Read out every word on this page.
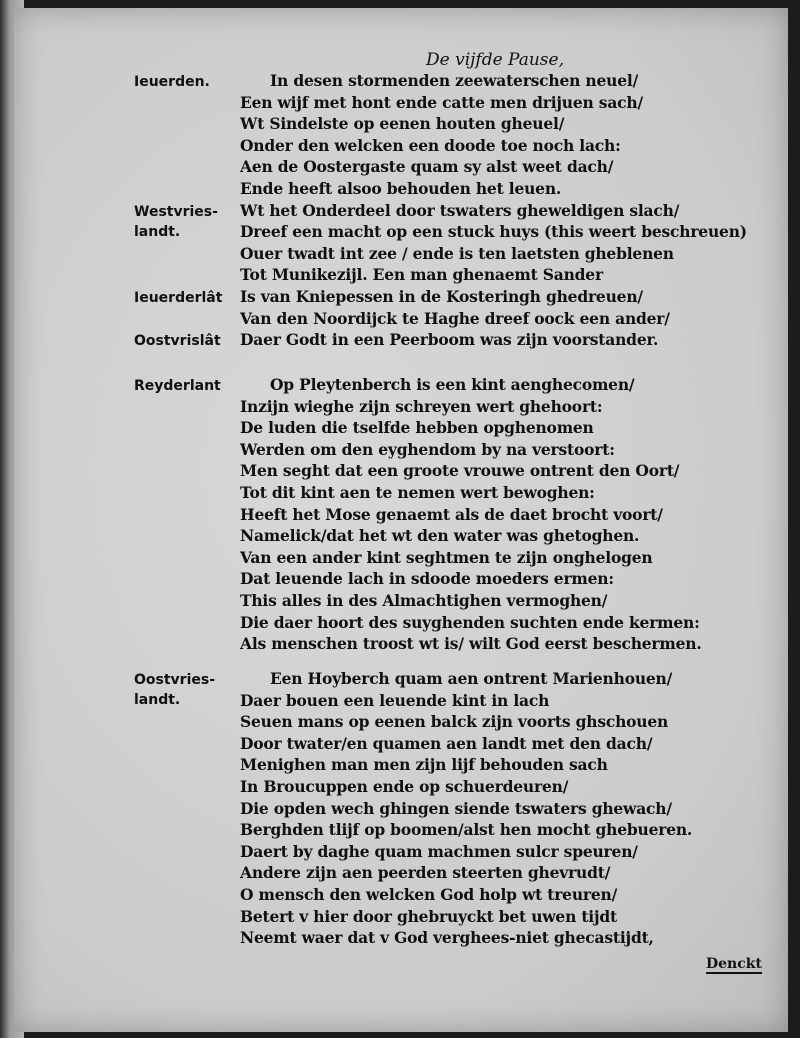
De vijfde Pause,
In desen stormenden zeewaterschen neuel/
Een wijf met hont ende catte men drijuen sach/
Wt Sindelste op eenen houten gheuel/
Onder den welcken een doode toe noch lach:
Aen de Oostergaste quam sy alst weet dach/
Ende heeft alsoo behouden het leuen.
Wt het Onderdeel door tswaters gheweldigen slach/
Dreef een macht op een stuck huys (this weert beschreuen)
Ouer twadt int zee / ende is ten laetsten gheblenen
Tot Munikezijl. Een man ghenaemt Sander
Is van Kniepessen in de Kosteringh ghedreuen/
Van den Noordijck te Haghe dreef oock een ander/
Daer Godt in een Peerboom was zijn voorstander.
Ieuerden.
Westvries-
landt.
Ieuerderlât
Oostvrislât
Op Pleytenberch is een kint aenghecomen/
Inzijn wieghe zijn schreyen wert ghehoort:
De luden die tselfde hebben opghenomen
Werden om den eyghendom by na verstoort:
Men seght dat een groote vrouwe ontrent den Oort/
Tot dit kint aen te nemen wert bewoghen:
Heeft het Mose genaemt als de daet brocht voort/
Namelick/dat het wt den water was ghetoghen.
Van een ander kint seghtmen te zijn onghelogen
Dat leuende lach in sdoode moeders ermen:
This alles in des Almachtighen vermoghen/
Die daer hoort des suyghenden suchten ende kermen:
Als menschen troost wt is/ wilt God eerst beschermen.
Reyderlant
Een Hoyberch quam aen ontrent Marienhouen/
Daer bouen een leuende kint in lach
Seuen mans op eenen balck zijn voorts ghschouen
Door twater/en quamen aen landt met den dach/
Menighen man men zijn lijf behouden sach
In Broucuppen ende op schuerdeuren/
Die opden wech ghingen siende tswaters ghewach/
Berghden tlijf op boomen/alst hen mocht ghebueren.
Daert by daghe quam machmen sulcr speuren/
Andere zijn aen peerden steerten ghevrudt/
O mensch den welcken God holp wt treuren/
Betert v hier door ghebruyckt bet uwen tijdt
Neemt waer dat v God verghees-niet ghecastijdt,
Oostvries-
landt.
Denckt
